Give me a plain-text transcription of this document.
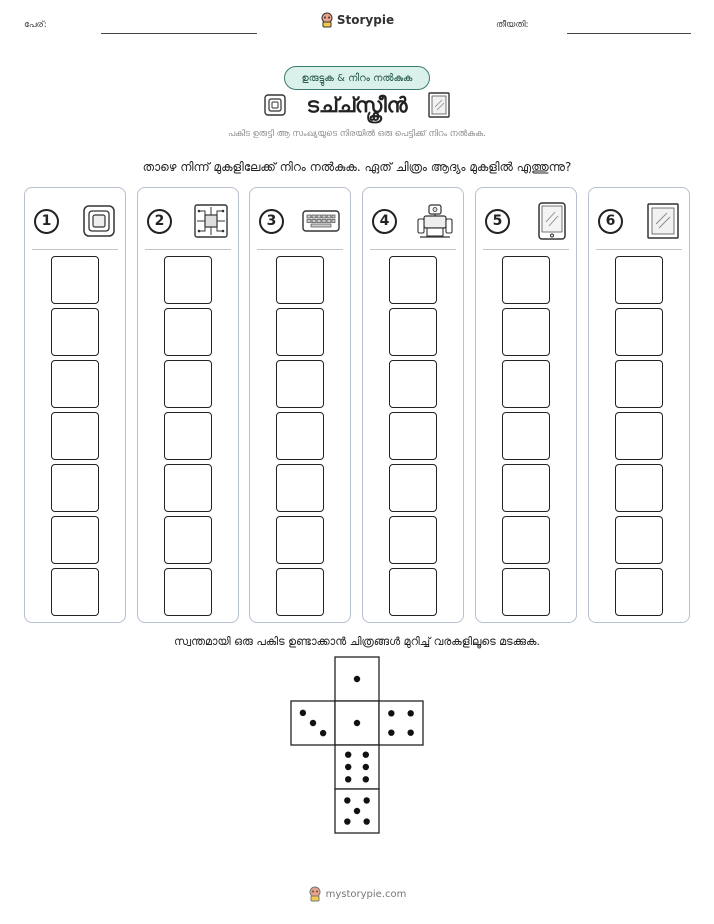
പേര്:	Storypie	തീയതി:
ഉരുട്ടുക & നിറം നൽകുക
ടച്ച്സ്ക്രീൻ
പകിട ഉരുട്ടി ആ സംഖ്യയുടെ നിരയിൽ ഒരു പെട്ടിക്ക് നിറം നൽകുക.
താഴെ നിന്ന് മുകളിലേക്ക് നിറം നൽകുക. ഏത് ചിത്രം ആദ്യം മുകളിൽ എത്തുന്നു?
1	2	3	4	5	6
സ്വന്തമായി ഒരു പകിട ഉണ്ടാക്കാൻ ചിത്രങ്ങൾ മുറിച്ച് വരകളിലൂടെ മടക്കുക.
mystorypie.com
